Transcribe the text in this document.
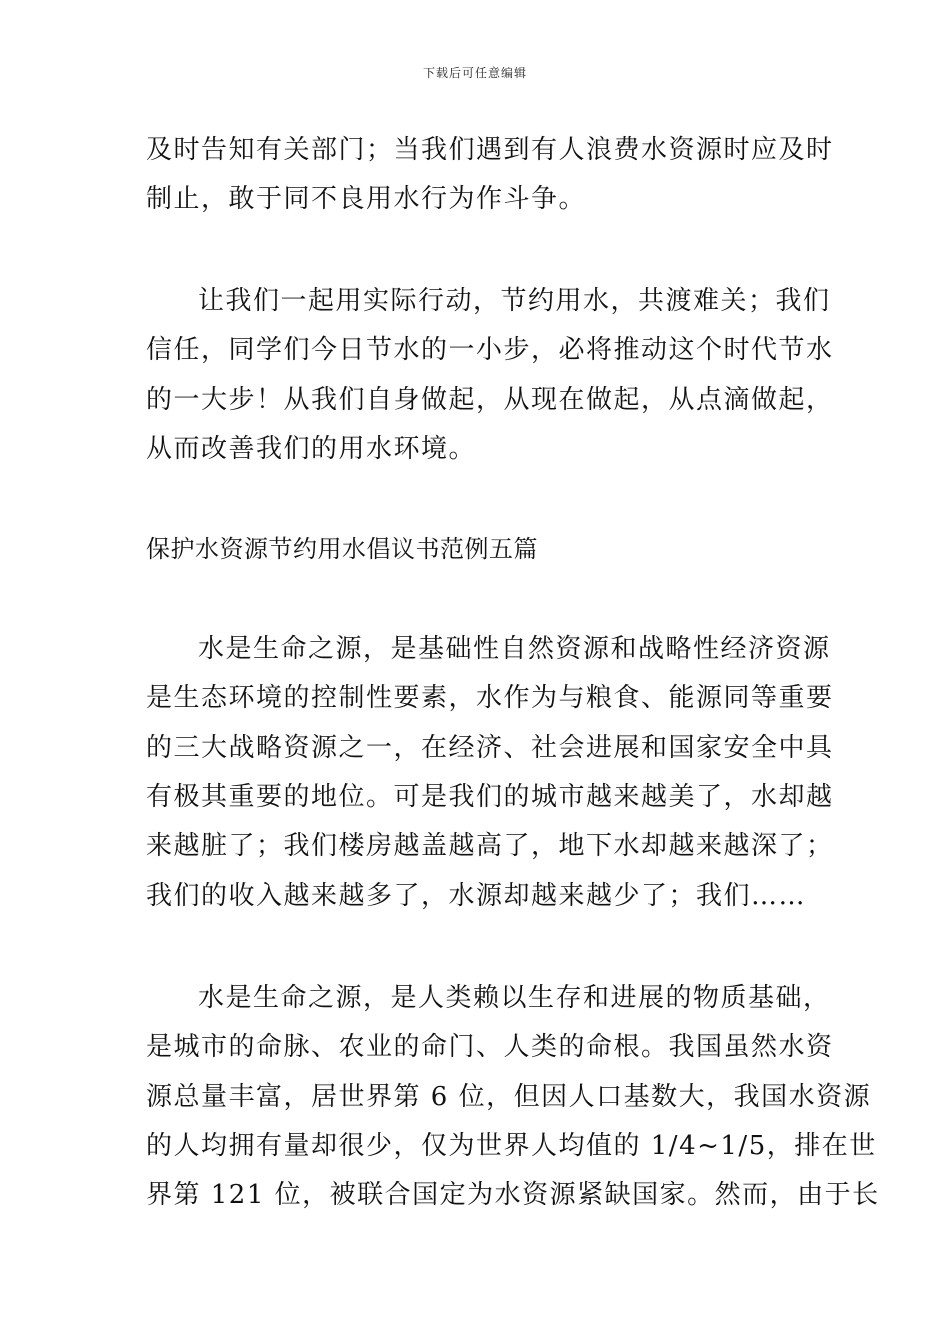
下载后可任意编辑
及时告知有关部门；当我们遇到有人浪费水资源时应及时
制止，敢于同不良用水行为作斗争。
让我们一起用实际行动，节约用水，共渡难关；我们
信任，同学们今日节水的一小步，必将推动这个时代节水
的一大步！从我们自身做起，从现在做起，从点滴做起，
从而改善我们的用水环境。
保护水资源节约用水倡议书范例五篇
水是生命之源，是基础性自然资源和战略性经济资源
是生态环境的控制性要素，水作为与粮食、能源同等重要
的三大战略资源之一，在经济、社会进展和国家安全中具
有极其重要的地位。可是我们的城市越来越美了，水却越
来越脏了；我们楼房越盖越高了，地下水却越来越深了；
我们的收入越来越多了，水源却越来越少了；我们……
水是生命之源，是人类赖以生存和进展的物质基础，
是城市的命脉、农业的命门、人类的命根。我国虽然水资
源总量丰富，居世界第 6 位，但因人口基数大，我国水资源
的人均拥有量却很少，仅为世界人均值的 1/4~1/5，排在世
界第 121 位，被联合国定为水资源紧缺国家。然而，由于长
